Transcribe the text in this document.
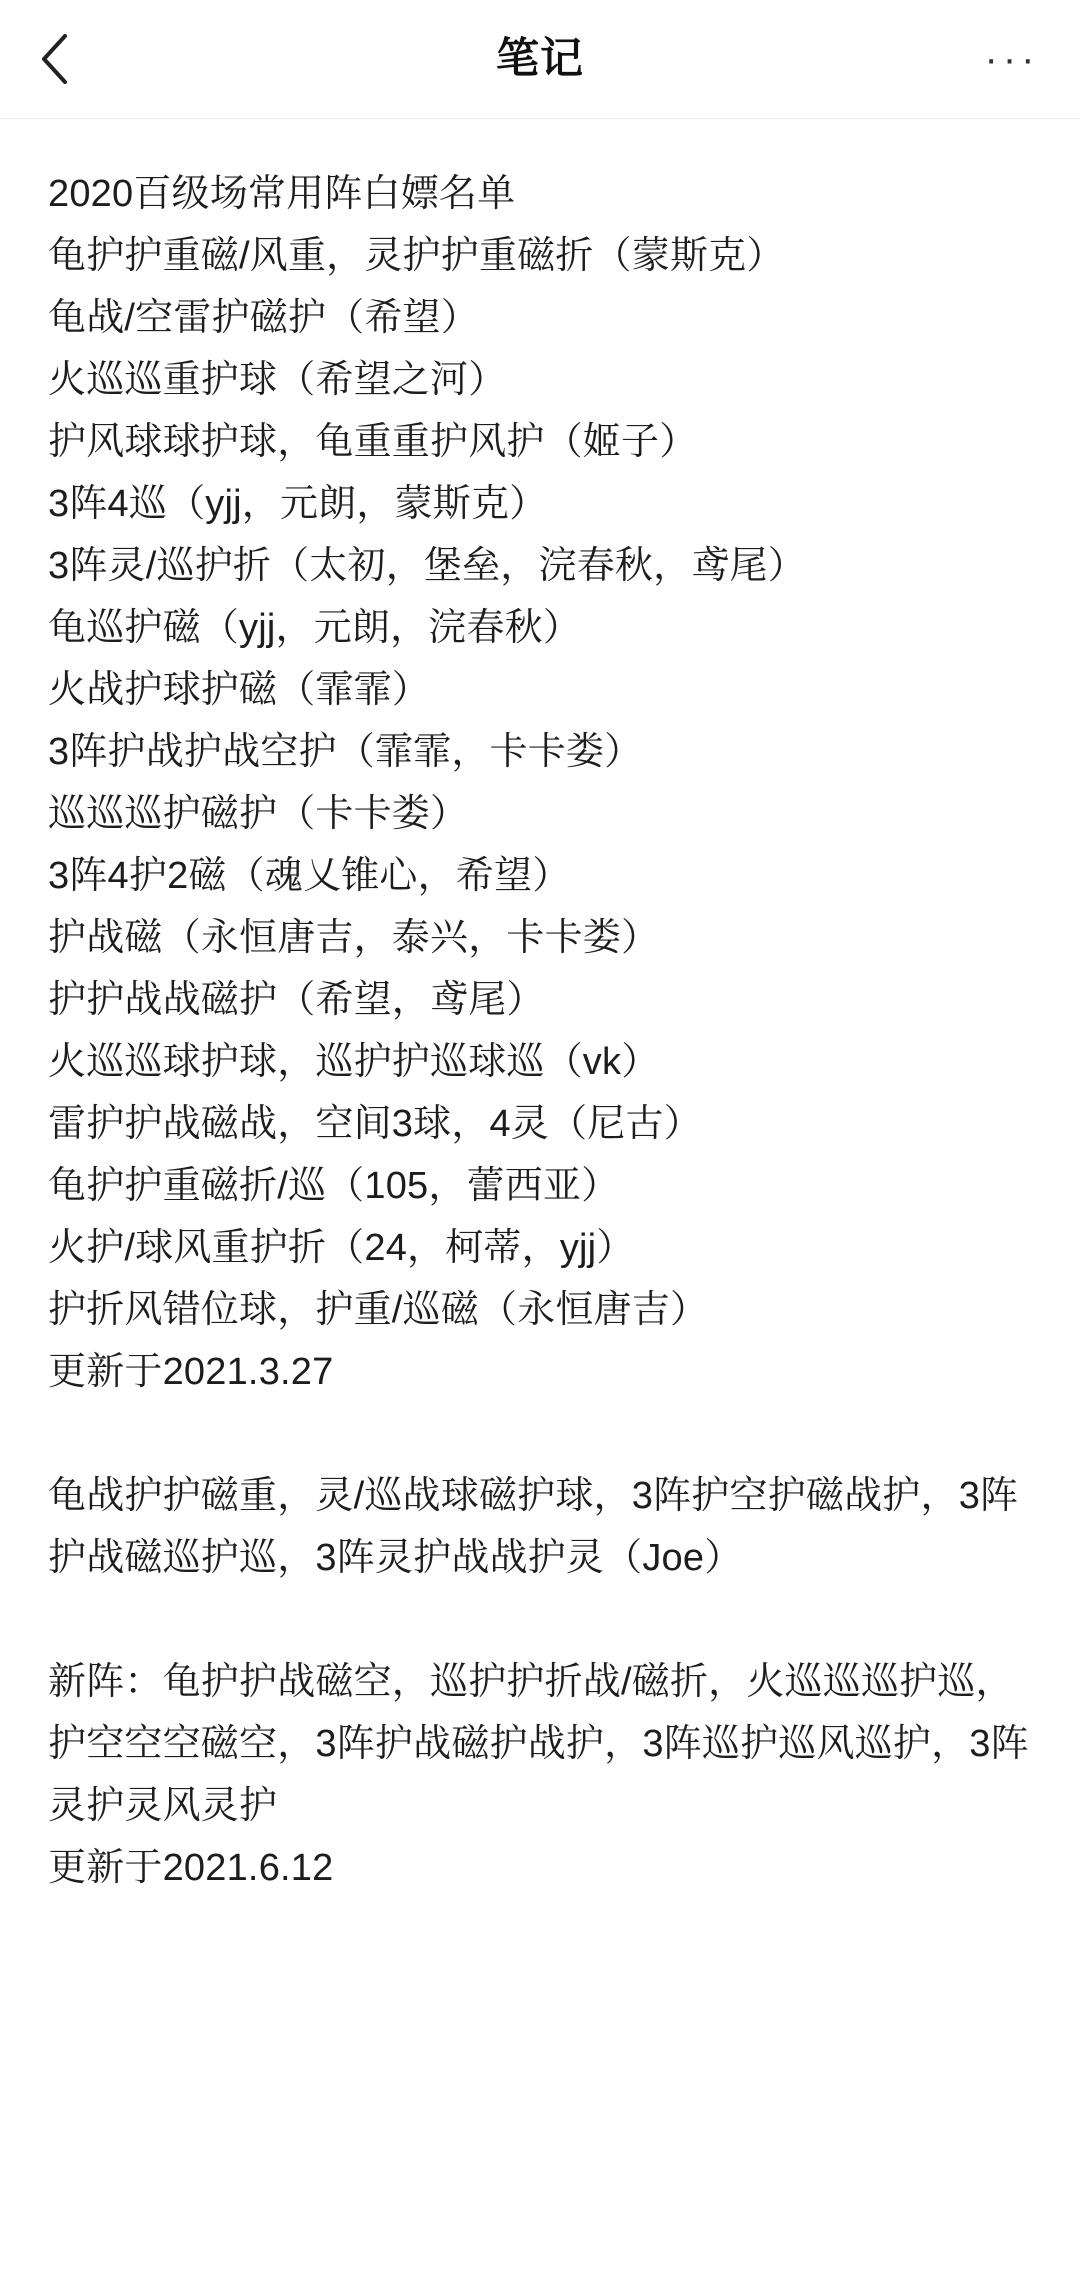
笔记	···
2020百级场常用阵白嫖名单
龟护护重磁/风重，灵护护重磁折（蒙斯克）
龟战/空雷护磁护（希望）
火巡巡重护球（希望之河）
护风球球护球，龟重重护风护（姬子）
3阵4巡（yjj，元朗，蒙斯克）
3阵灵/巡护折（太初，堡垒，浣春秋，鸢尾）
龟巡护磁（yjj，元朗，浣春秋）
火战护球护磁（霏霏）
3阵护战护战空护（霏霏，卡卡娄）
巡巡巡护磁护（卡卡娄）
3阵4护2磁（魂乂锥心，希望）
护战磁（永恒唐吉，泰兴，卡卡娄）
护护战战磁护（希望，鸢尾）
火巡巡球护球，巡护护巡球巡（vk）
雷护护战磁战，空间3球，4灵（尼古）
龟护护重磁折/巡（105，蕾西亚）
火护/球风重护折（24，柯蒂，yjj）
护折风错位球，护重/巡磁（永恒唐吉）
更新于2021.3.27
龟战护护磁重，灵/巡战球磁护球，3阵护空护磁战护，3阵护战磁巡护巡，3阵灵护战战护灵（Joe）
新阵：龟护护战磁空，巡护护折战/磁折，火巡巡巡护巡，护空空空磁空，3阵护战磁护战护，3阵巡护巡风巡护，3阵灵护灵风灵护
更新于2021.6.12
